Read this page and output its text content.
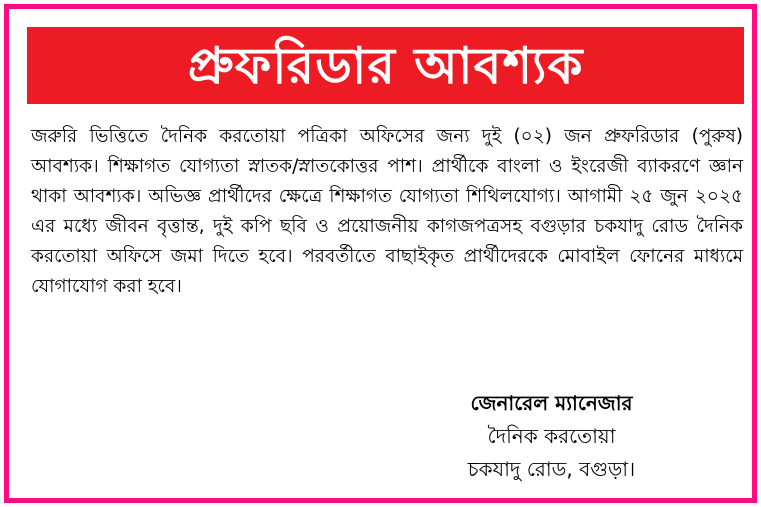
প্রুফরিডার আবশ্যক

জরুরি ভিত্তিতে দৈনিক করতোয়া পত্রিকা অফিসের জন্য দুই (০২) জন প্রুফরিডার (পুরুষ) আবশ্যক। শিক্ষাগত যোগ্যতা স্নাতক/স্নাতকোত্তর পাশ। প্রার্থীকে বাংলা ও ইংরেজী ব্যাকরণে জ্ঞান থাকা আবশ্যক। অভিজ্ঞ প্রার্থীদের ক্ষেত্রে শিক্ষাগত যোগ্যতা শিথিলযোগ্য। আগামী ২৫ জুন ২০২৫ এর মধ্যে জীবন বৃত্তান্ত, দুই কপি ছবি ও প্রয়োজনীয় কাগজপত্রসহ বগুড়ার চকযাদু রোড দৈনিক করতোয়া অফিসে জমা দিতে হবে। পরবর্তীতে বাছাইকৃত প্রার্থীদেরকে মোবাইল ফোনের মাধ্যমে যোগাযোগ করা হবে।

জেনারেল ম্যানেজার
দৈনিক করতোয়া
চকযাদু রোড, বগুড়া।
